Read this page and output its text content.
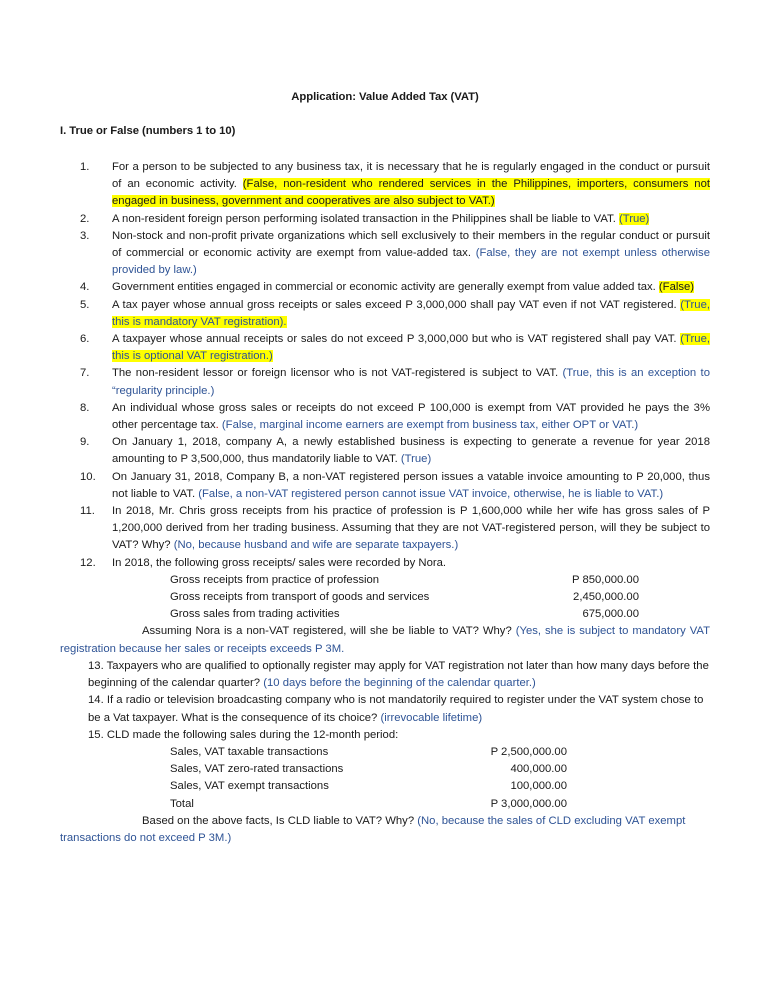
Application: Value Added Tax (VAT)
I. True or False (numbers 1 to 10)
1.	For a person to be subjected to any business tax, it is necessary that he is regularly engaged in the conduct or pursuit of an economic activity. (False, non-resident who rendered services in the Philippines, importers, consumers not engaged in business, government and cooperatives are also subject to VAT.)
2.	A non-resident foreign person performing isolated transaction in the Philippines shall be liable to VAT. (True)
3.	Non-stock and non-profit private organizations which sell exclusively to their members in the regular conduct or pursuit of commercial or economic activity are exempt from value-added tax. (False, they are not exempt unless otherwise provided by law.)
4.	Government entities engaged in commercial or economic activity are generally exempt from value added tax. (False)
5.	A tax payer whose annual gross receipts or sales exceed P 3,000,000 shall pay VAT even if not VAT registered. (True, this is mandatory VAT registration).
6.	A taxpayer whose annual receipts or sales do not exceed P 3,000,000 but who is VAT registered shall pay VAT. (True, this is optional VAT registration.)
7.	The non-resident lessor or foreign licensor who is not VAT-registered is subject to VAT. (True, this is an exception to “regularity principle.)
8.	An individual whose gross sales or receipts do not exceed P 100,000 is exempt from VAT provided he pays the 3% other percentage tax. (False, marginal income earners are exempt from business tax, either OPT or VAT.)
9.	On January 1, 2018, company A, a newly established business is expecting to generate a revenue for year 2018 amounting to P 3,500,000, thus mandatorily liable to VAT. (True)
10.	On January 31, 2018, Company B, a non-VAT registered person issues a vatable invoice amounting to P 20,000, thus not liable to VAT. (False, a non-VAT registered person cannot issue VAT invoice, otherwise, he is liable to VAT.)
11.	In 2018, Mr. Chris gross receipts from his practice of profession is P 1,600,000 while her wife has gross sales of P 1,200,000 derived from her trading business. Assuming that they are not VAT-registered person, will they be subject to VAT? Why? (No, because husband and wife are separate taxpayers.)
12.	In 2018, the following gross receipts/ sales were recorded by Nora.
Gross receipts from practice of profession	P 850,000.00
Gross receipts from transport of goods and services	2,450,000.00
Gross sales from trading activities	675,000.00
Assuming Nora is a non-VAT registered, will she be liable to VAT? Why? (Yes, she is subject to mandatory VAT registration because her sales or receipts exceeds P 3M.
13. Taxpayers who are qualified to optionally register may apply for VAT registration not later than how many days before the beginning of the calendar quarter? (10 days before the beginning of the calendar quarter.)
14. If a radio or television broadcasting company who is not mandatorily required to register under the VAT system chose to be a Vat taxpayer. What is the consequence of its choice? (irrevocable lifetime)
15. CLD made the following sales during the 12-month period:
Sales, VAT taxable transactions	P 2,500,000.00
Sales, VAT zero-rated transactions	400,000.00
Sales, VAT exempt transactions	100,000.00
Total	P 3,000,000.00
Based on the above facts, Is CLD liable to VAT? Why? (No, because the sales of CLD excluding VAT exempt transactions do not exceed P 3M.)
